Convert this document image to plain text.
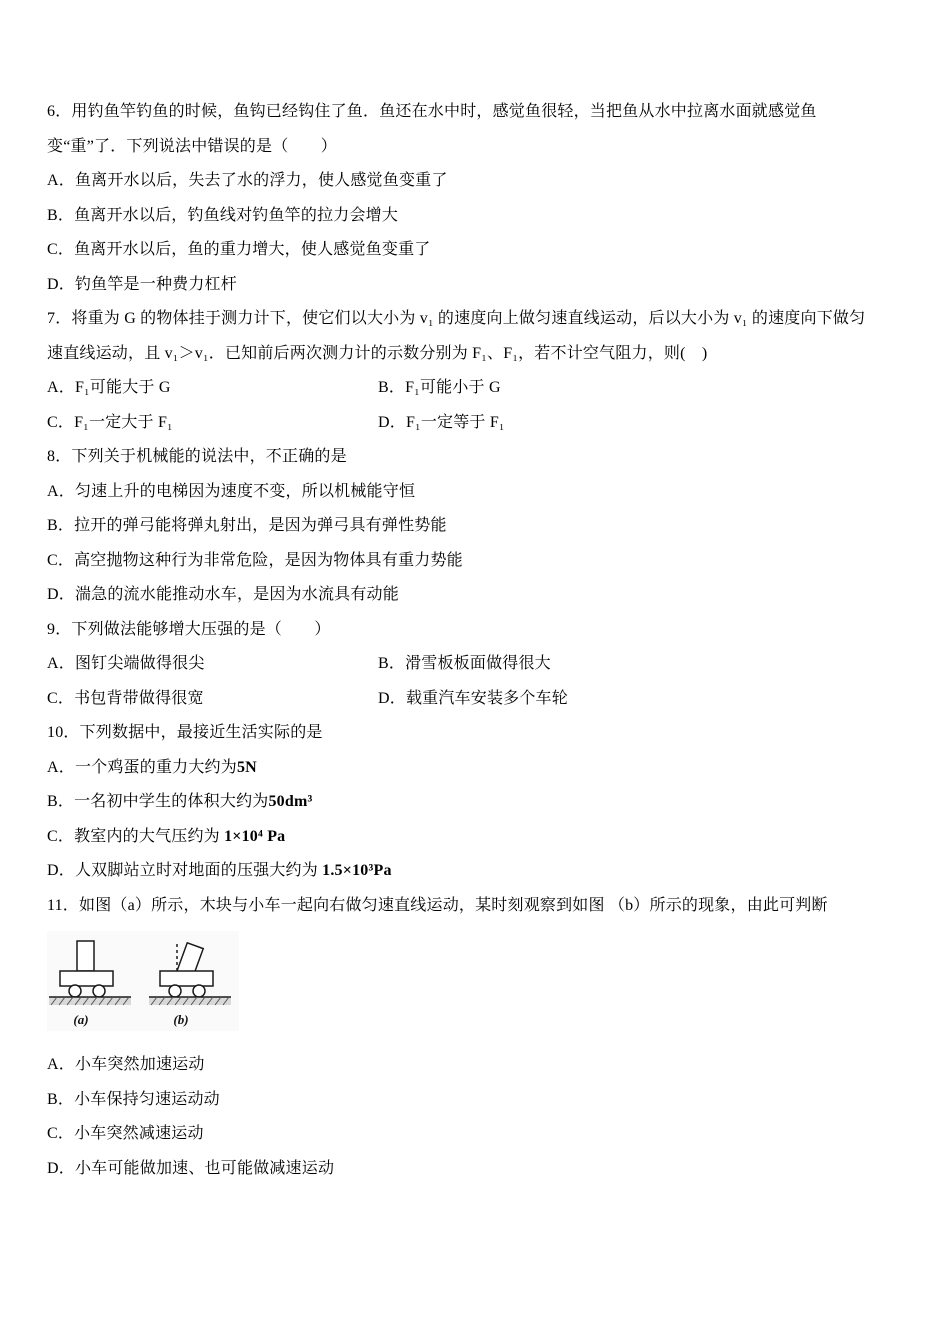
6．用钓鱼竿钓鱼的时候，鱼钩已经钩住了鱼．鱼还在水中时，感觉鱼很轻，当把鱼从水中拉离水面就感觉鱼变“重”了．下列说法中错误的是（　　）

A．鱼离开水以后，失去了水的浮力，使人感觉鱼变重了

B．鱼离开水以后，钓鱼线对钓鱼竿的拉力会增大

C．鱼离开水以后，鱼的重力增大，使人感觉鱼变重了

D．钓鱼竿是一种费力杠杆

7．将重为 G 的物体挂于测力计下，使它们以大小为 v₁ 的速度向上做匀速直线运动，后以大小为 v₁ 的速度向下做匀速直线运动，且 v₁＞v₁．已知前后两次测力计的示数分别为 F₁、F₁，若不计空气阻力，则(　)

A．F₁可能大于 G	B．F₁可能小于 G

C．F₁一定大于 F₁	D．F₁一定等于 F₁

8．下列关于机械能的说法中，不正确的是

A．匀速上升的电梯因为速度不变，所以机械能守恒

B．拉开的弹弓能将弹丸射出，是因为弹弓具有弹性势能

C．高空抛物这种行为非常危险，是因为物体具有重力势能

D．湍急的流水能推动水车，是因为水流具有动能

9．下列做法能够增大压强的是（　　）

A．图钉尖端做得很尖	B．滑雪板板面做得很大

C．书包背带做得很宽	D．载重汽车安装多个车轮

10．下列数据中，最接近生活实际的是

A．一个鸡蛋的重力大约为5N

B．一名初中学生的体积大约为50dm³

C．教室内的大气压约为 1×10⁴ Pa

D．人双脚站立时对地面的压强大约为 1.5×10³Pa

11．如图（a）所示，木块与小车一起向右做匀速直线运动，某时刻观察到如图 （b）所示的现象，由此可判断

(a)	(b)

A．小车突然加速运动

B．小车保持匀速运动动

C．小车突然减速运动

D．小车可能做加速、也可能做减速运动
